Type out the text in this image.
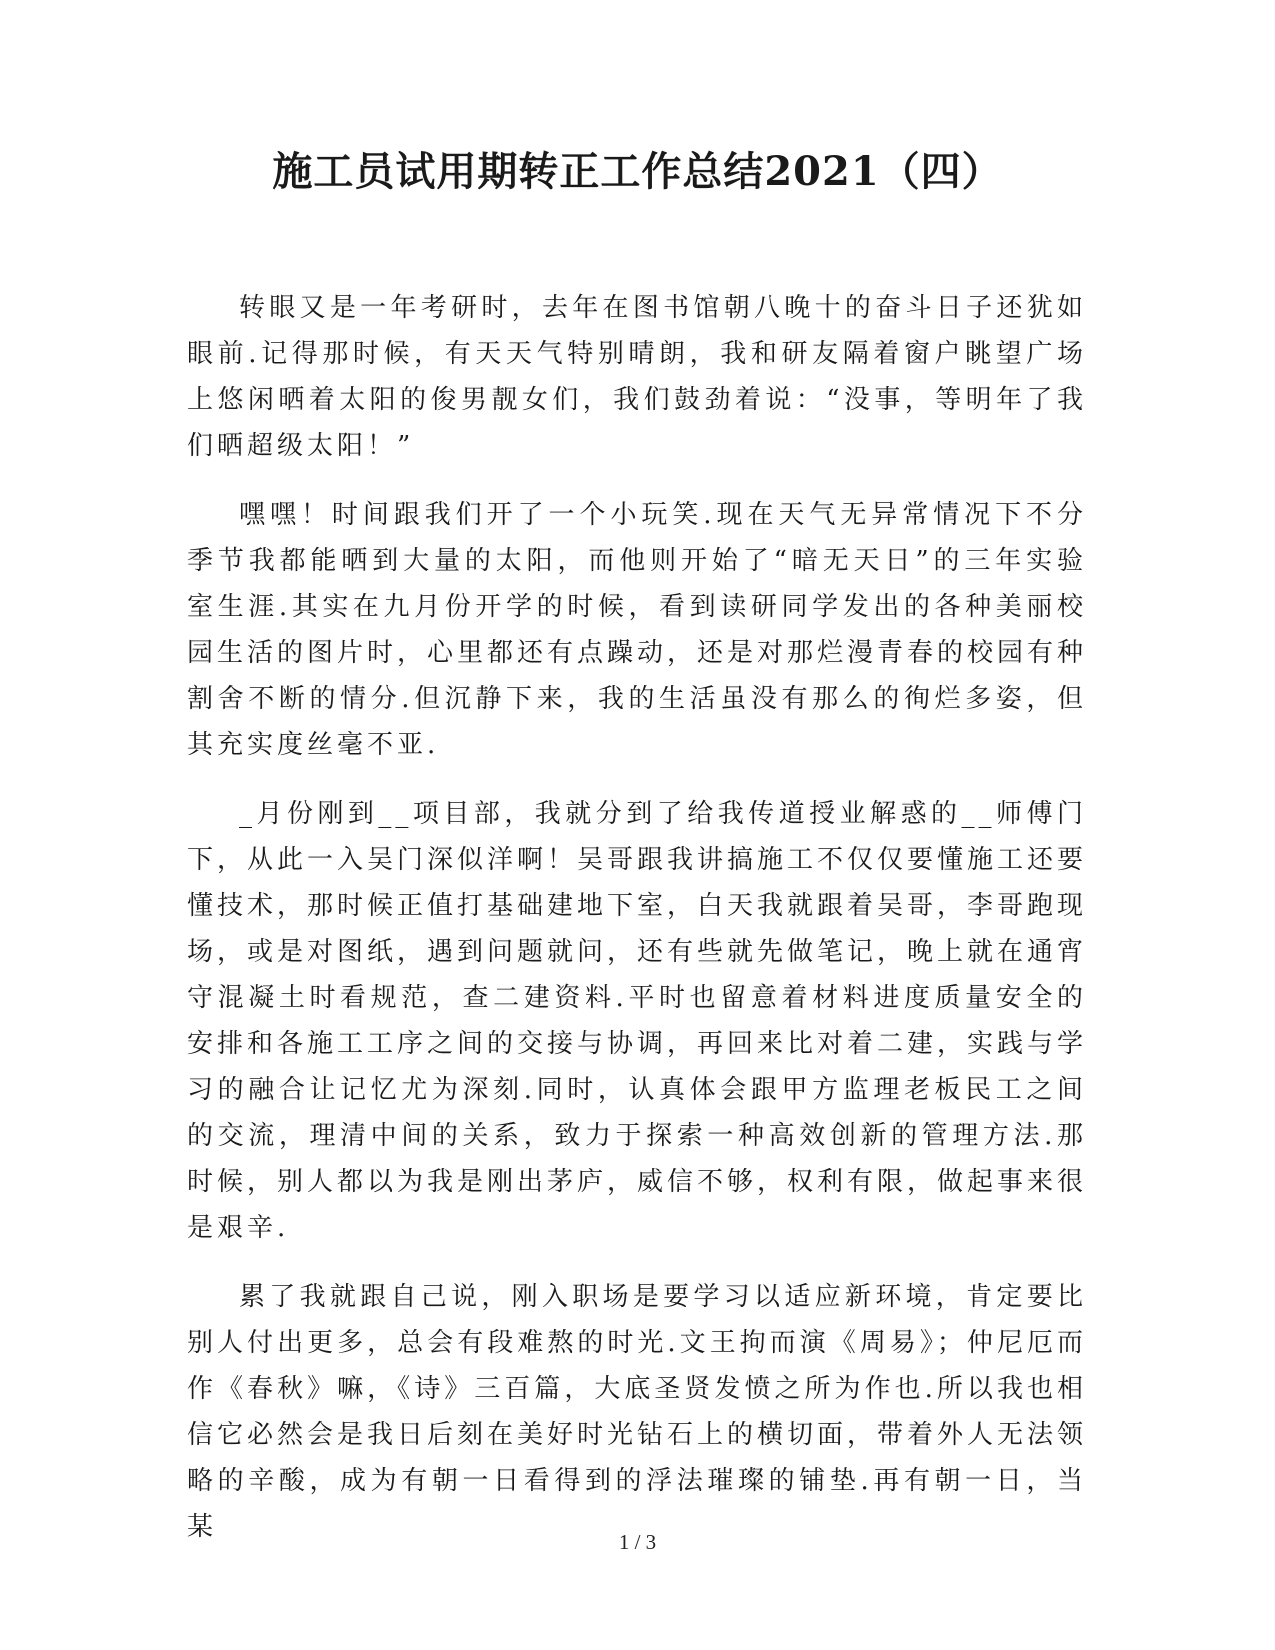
施工员试用期转正工作总结2021（四）

转眼又是一年考研时，去年在图书馆朝八晚十的奋斗日子还犹如眼前.记得那时候，有天天气特别晴朗，我和研友隔着窗户眺望广场上悠闲晒着太阳的俊男靓女们，我们鼓劲着说：“没事，等明年了我们晒超级太阳！”

嘿嘿！时间跟我们开了一个小玩笑.现在天气无异常情况下不分季节我都能晒到大量的太阳，而他则开始了“暗无天日”的三年实验室生涯.其实在九月份开学的时候，看到读研同学发出的各种美丽校园生活的图片时，心里都还有点躁动，还是对那烂漫青春的校园有种割舍不断的情分.但沉静下来，我的生活虽没有那么的徇烂多姿，但其充实度丝毫不亚.

_月份刚到__项目部，我就分到了给我传道授业解惑的__师傅门下，从此一入吴门深似洋啊！吴哥跟我讲搞施工不仅仅要懂施工还要懂技术，那时候正值打基础建地下室，白天我就跟着吴哥，李哥跑现场，或是对图纸，遇到问题就问，还有些就先做笔记，晚上就在通宵守混凝土时看规范，查二建资料.平时也留意着材料进度质量安全的安排和各施工工序之间的交接与协调，再回来比对着二建，实践与学习的融合让记忆尤为深刻.同时，认真体会跟甲方监理老板民工之间的交流，理清中间的关系，致力于探索一种高效创新的管理方法.那时候，别人都以为我是刚出茅庐，威信不够，权利有限，做起事来很是艰辛.

累了我就跟自己说，刚入职场是要学习以适应新环境，肯定要比别人付出更多，总会有段难熬的时光.文王拘而演《周易》；仲尼厄而作《春秋》嘛，《诗》三百篇，大底圣贤发愤之所为作也.所以我也相信它必然会是我日后刻在美好时光钻石上的横切面，带着外人无法领略的辛酸，成为有朝一日看得到的浮法璀璨的铺垫.再有朝一日，当某	1 / 3
